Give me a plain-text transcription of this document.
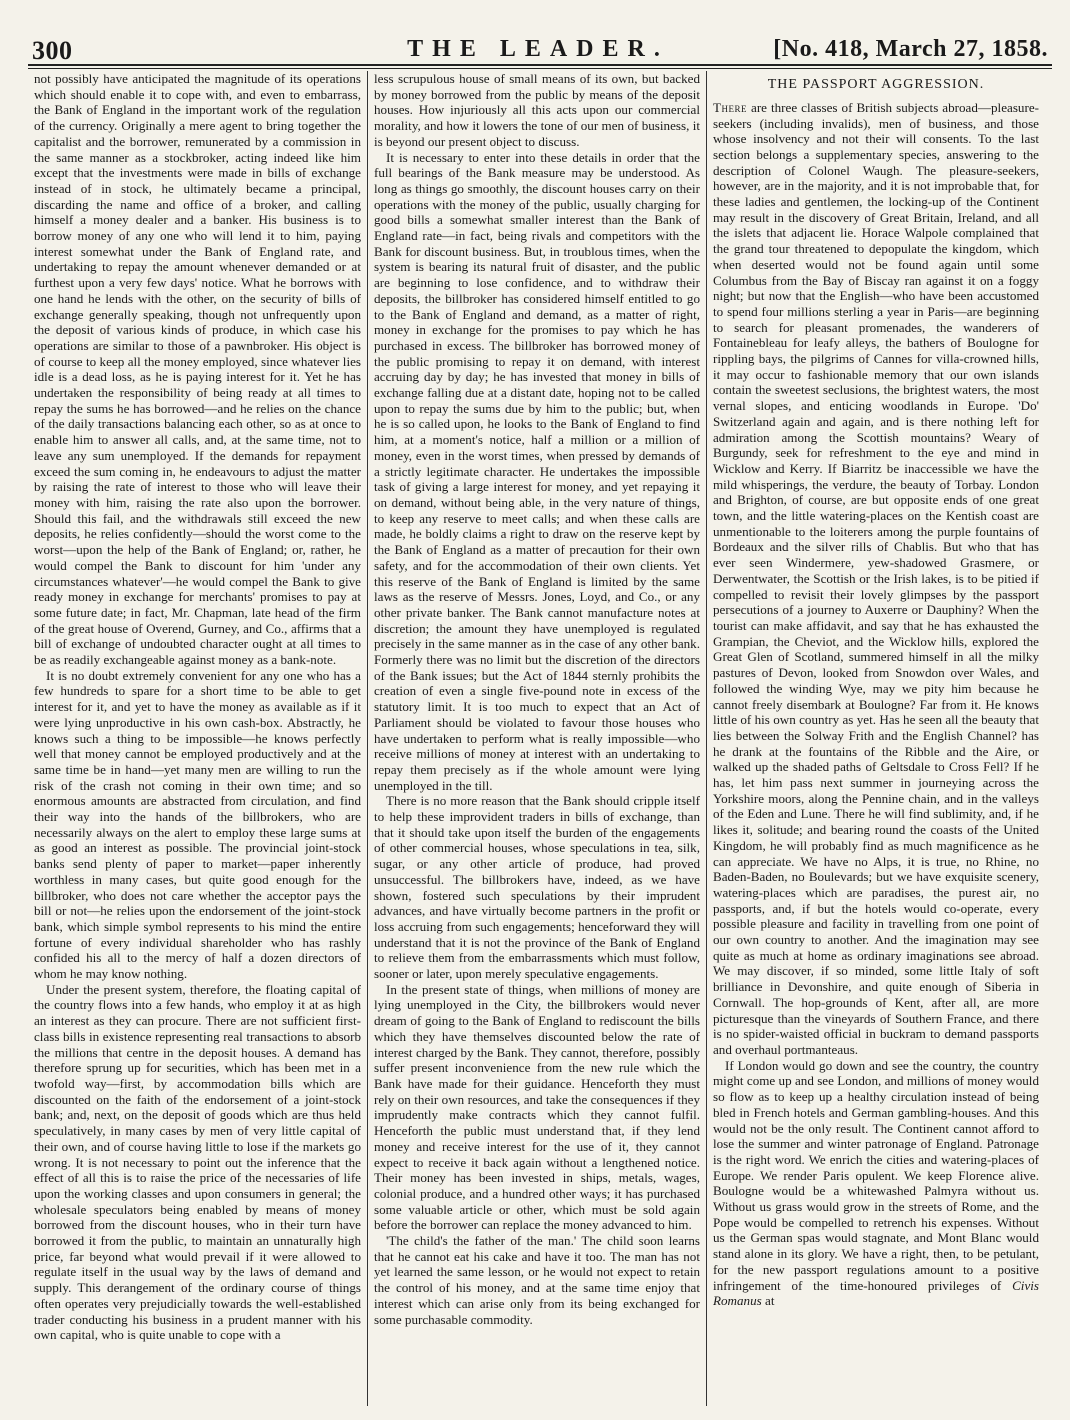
300	THE LEADER.	[No. 418, March 27, 1858.

not possibly have anticipated the magnitude of its operations which should enable it to cope with, and even to embarrass, the Bank of England in the important work of the regulation of the currency. Originally a mere agent to bring together the capitalist and the borrower, remunerated by a commission in the same manner as a stockbroker, acting indeed like him except that the investments were made in bills of exchange instead of in stock, he ultimately became a principal, discarding the name and office of a broker, and calling himself a money dealer and a banker. His business is to borrow money of any one who will lend it to him, paying interest somewhat under the Bank of England rate, and undertaking to repay the amount whenever demanded or at furthest upon a very few days' notice. What he borrows with one hand he lends with the other, on the security of bills of exchange generally speaking, though not unfrequently upon the deposit of various kinds of produce, in which case his operations are similar to those of a pawnbroker. His object is of course to keep all the money employed, since whatever lies idle is a dead loss, as he is paying interest for it. Yet he has undertaken the responsibility of being ready at all times to repay the sums he has borrowed—and he relies on the chance of the daily transactions balancing each other, so as at once to enable him to answer all calls, and, at the same time, not to leave any sum unemployed. If the demands for repayment exceed the sum coming in, he endeavours to adjust the matter by raising the rate of interest to those who will leave their money with him, raising the rate also upon the borrower. Should this fail, and the withdrawals still exceed the new deposits, he relies confidently—should the worst come to the worst—upon the help of the Bank of England; or, rather, he would compel the Bank to discount for him 'under any circumstances whatever'—he would compel the Bank to give ready money in exchange for merchants' promises to pay at some future date; in fact, Mr. Chapman, late head of the firm of the great house of Overend, Gurney, and Co., affirms that a bill of exchange of undoubted character ought at all times to be as readily exchangeable against money as a bank-note.

It is no doubt extremely convenient for any one who has a few hundreds to spare for a short time to be able to get interest for it, and yet to have the money as available as if it were lying unproductive in his own cash-box. Abstractly, he knows such a thing to be impossible—he knows perfectly well that money cannot be employed productively and at the same time be in hand—yet many men are willing to run the risk of the crash not coming in their own time; and so enormous amounts are abstracted from circulation, and find their way into the hands of the billbrokers, who are necessarily always on the alert to employ these large sums at as good an interest as possible. The provincial joint-stock banks send plenty of paper to market—paper inherently worthless in many cases, but quite good enough for the billbroker, who does not care whether the acceptor pays the bill or not—he relies upon the endorsement of the joint-stock bank, which simple symbol represents to his mind the entire fortune of every individual shareholder who has rashly confided his all to the mercy of half a dozen directors of whom he may know nothing.

Under the present system, therefore, the floating capital of the country flows into a few hands, who employ it at as high an interest as they can procure. There are not sufficient first-class bills in existence representing real transactions to absorb the millions that centre in the deposit houses. A demand has therefore sprung up for securities, which has been met in a twofold way—first, by accommodation bills which are discounted on the faith of the endorsement of a joint-stock bank; and, next, on the deposit of goods which are thus held speculatively, in many cases by men of very little capital of their own, and of course having little to lose if the markets go wrong. It is not necessary to point out the inference that the effect of all this is to raise the price of the necessaries of life upon the working classes and upon consumers in general; the wholesale speculators being enabled by means of money borrowed from the discount houses, who in their turn have borrowed it from the public, to maintain an unnaturally high price, far beyond what would prevail if it were allowed to regulate itself in the usual way by the laws of demand and supply. This derangement of the ordinary course of things often operates very prejudicially towards the well-established trader conducting his business in a prudent manner with his own capital, who is quite unable to cope with a

less scrupulous house of small means of its own, but backed by money borrowed from the public by means of the deposit houses. How injuriously all this acts upon our commercial morality, and how it lowers the tone of our men of business, it is beyond our present object to discuss.

It is necessary to enter into these details in order that the full bearings of the Bank measure may be understood. As long as things go smoothly, the discount houses carry on their operations with the money of the public, usually charging for good bills a somewhat smaller interest than the Bank of England rate—in fact, being rivals and competitors with the Bank for discount business. But, in troublous times, when the system is bearing its natural fruit of disaster, and the public are beginning to lose confidence, and to withdraw their deposits, the billbroker has considered himself entitled to go to the Bank of England and demand, as a matter of right, money in exchange for the promises to pay which he has purchased in excess. The billbroker has borrowed money of the public promising to repay it on demand, with interest accruing day by day; he has invested that money in bills of exchange falling due at a distant date, hoping not to be called upon to repay the sums due by him to the public; but, when he is so called upon, he looks to the Bank of England to find him, at a moment's notice, half a million or a million of money, even in the worst times, when pressed by demands of a strictly legitimate character. He undertakes the impossible task of giving a large interest for money, and yet repaying it on demand, without being able, in the very nature of things, to keep any reserve to meet calls; and when these calls are made, he boldly claims a right to draw on the reserve kept by the Bank of England as a matter of precaution for their own safety, and for the accommodation of their own clients. Yet this reserve of the Bank of England is limited by the same laws as the reserve of Messrs. Jones, Loyd, and Co., or any other private banker. The Bank cannot manufacture notes at discretion; the amount they have unemployed is regulated precisely in the same manner as in the case of any other bank. Formerly there was no limit but the discretion of the directors of the Bank issues; but the Act of 1844 sternly prohibits the creation of even a single five-pound note in excess of the statutory limit. It is too much to expect that an Act of Parliament should be violated to favour those houses who have undertaken to perform what is really impossible—who receive millions of money at interest with an undertaking to repay them precisely as if the whole amount were lying unemployed in the till.

There is no more reason that the Bank should cripple itself to help these improvident traders in bills of exchange, than that it should take upon itself the burden of the engagements of other commercial houses, whose speculations in tea, silk, sugar, or any other article of produce, had proved unsuccessful. The billbrokers have, indeed, as we have shown, fostered such speculations by their imprudent advances, and have virtually become partners in the profit or loss accruing from such engagements; henceforward they will understand that it is not the province of the Bank of England to relieve them from the embarrassments which must follow, sooner or later, upon merely speculative engagements.

In the present state of things, when millions of money are lying unemployed in the City, the billbrokers would never dream of going to the Bank of England to rediscount the bills which they have themselves discounted below the rate of interest charged by the Bank. They cannot, therefore, possibly suffer present inconvenience from the new rule which the Bank have made for their guidance. Henceforth they must rely on their own resources, and take the consequences if they imprudently make contracts which they cannot fulfil. Henceforth the public must understand that, if they lend money and receive interest for the use of it, they cannot expect to receive it back again without a lengthened notice. Their money has been invested in ships, metals, wages, colonial produce, and a hundred other ways; it has purchased some valuable article or other, which must be sold again before the borrower can replace the money advanced to him.

'The child's the father of the man.' The child soon learns that he cannot eat his cake and have it too. The man has not yet learned the same lesson, or he would not expect to retain the control of his money, and at the same time enjoy that interest which can arise only from its being exchanged for some purchasable commodity.

THE PASSPORT AGGRESSION.

There are three classes of British subjects abroad—pleasure-seekers (including invalids), men of business, and those whose insolvency and not their will consents. To the last section belongs a supplementary species, answering to the description of Colonel Waugh. The pleasure-seekers, however, are in the majority, and it is not improbable that, for these ladies and gentlemen, the locking-up of the Continent may result in the discovery of Great Britain, Ireland, and all the islets that adjacent lie. Horace Walpole complained that the grand tour threatened to depopulate the kingdom, which when deserted would not be found again until some Columbus from the Bay of Biscay ran against it on a foggy night; but now that the English—who have been accustomed to spend four millions sterling a year in Paris—are beginning to search for pleasant promenades, the wanderers of Fontainebleau for leafy alleys, the bathers of Boulogne for rippling bays, the pilgrims of Cannes for villa-crowned hills, it may occur to fashionable memory that our own islands contain the sweetest seclusions, the brightest waters, the most vernal slopes, and enticing woodlands in Europe. 'Do' Switzerland again and again, and is there nothing left for admiration among the Scottish mountains? Weary of Burgundy, seek for refreshment to the eye and mind in Wicklow and Kerry. If Biarritz be inaccessible we have the mild whisperings, the verdure, the beauty of Torbay. London and Brighton, of course, are but opposite ends of one great town, and the little watering-places on the Kentish coast are unmentionable to the loiterers among the purple fountains of Bordeaux and the silver rills of Chablis. But who that has ever seen Windermere, yew-shadowed Grasmere, or Derwentwater, the Scottish or the Irish lakes, is to be pitied if compelled to revisit their lovely glimpses by the passport persecutions of a journey to Auxerre or Dauphiny? When the tourist can make affidavit, and say that he has exhausted the Grampian, the Cheviot, and the Wicklow hills, explored the Great Glen of Scotland, summered himself in all the milky pastures of Devon, looked from Snowdon over Wales, and followed the winding Wye, may we pity him because he cannot freely disembark at Boulogne? Far from it. He knows little of his own country as yet. Has he seen all the beauty that lies between the Solway Frith and the English Channel? has he drank at the fountains of the Ribble and the Aire, or walked up the shaded paths of Geltsdale to Cross Fell? If he has, let him pass next summer in journeying across the Yorkshire moors, along the Pennine chain, and in the valleys of the Eden and Lune. There he will find sublimity, and, if he likes it, solitude; and bearing round the coasts of the United Kingdom, he will probably find as much magnificence as he can appreciate. We have no Alps, it is true, no Rhine, no Baden-Baden, no Boulevards; but we have exquisite scenery, watering-places which are paradises, the purest air, no passports, and, if but the hotels would co-operate, every possible pleasure and facility in travelling from one point of our own country to another. And the imagination may see quite as much at home as ordinary imaginations see abroad. We may discover, if so minded, some little Italy of soft brilliance in Devonshire, and quite enough of Siberia in Cornwall. The hop-grounds of Kent, after all, are more picturesque than the vineyards of Southern France, and there is no spider-waisted official in buckram to demand passports and overhaul portmanteaus.

If London would go down and see the country, the country might come up and see London, and millions of money would so flow as to keep up a healthy circulation instead of being bled in French hotels and German gambling-houses. And this would not be the only result. The Continent cannot afford to lose the summer and winter patronage of England. Patronage is the right word. We enrich the cities and watering-places of Europe. We render Paris opulent. We keep Florence alive. Boulogne would be a whitewashed Palmyra without us. Without us grass would grow in the streets of Rome, and the Pope would be compelled to retrench his expenses. Without us the German spas would stagnate, and Mont Blanc would stand alone in its glory. We have a right, then, to be petulant, for the new passport regulations amount to a positive infringement of the time-honoured privileges of Civis Romanus at
